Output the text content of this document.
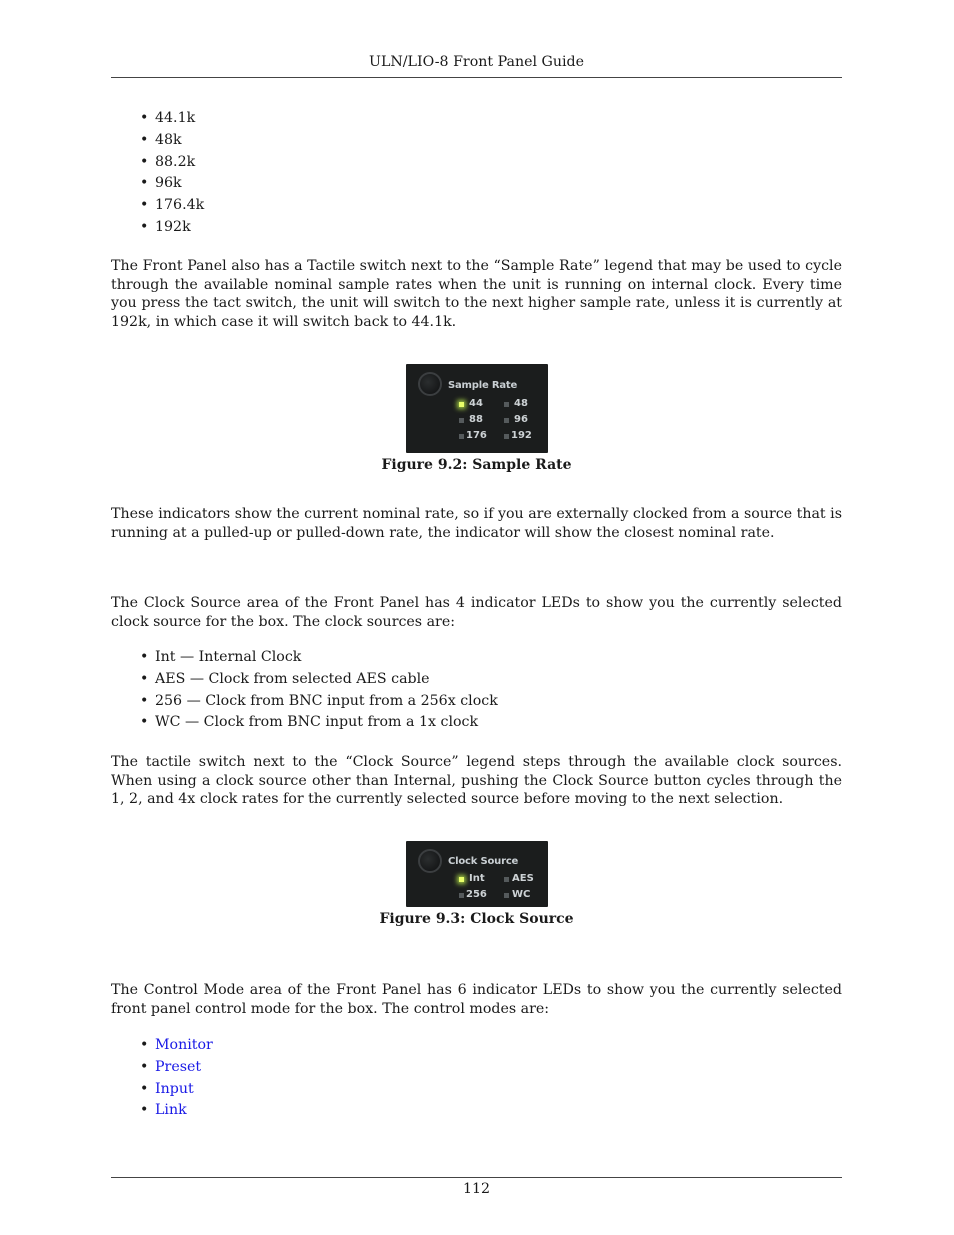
ULN/LIO-8 Front Panel Guide
• 44.1k
• 48k
• 88.2k
• 96k
• 176.4k
• 192k

The Front Panel also has a Tactile switch next to the “Sample Rate” legend that may be used to cycle through the available nominal sample rates when the unit is running on internal clock. Every time you press the tact switch, the unit will switch to the next higher sample rate, unless it is currently at 192k, in which case it will switch back to 44.1k.

Sample Rate
44	48
88	96
176 192
Figure 9.2: Sample Rate

These indicators show the current nominal rate, so if you are externally clocked from a source that is running at a pulled-up or pulled-down rate, the indicator will show the closest nominal rate.

The Clock Source area of the Front Panel has 4 indicator LEDs to show you the currently selected clock source for the box. The clock sources are:

• Int — Internal Clock
• AES — Clock from selected AES cable
• 256 — Clock from BNC input from a 256x clock
• WC — Clock from BNC input from a 1x clock

The tactile switch next to the “Clock Source” legend steps through the available clock sources. When using a clock source other than Internal, pushing the Clock Source button cycles through the 1, 2, and 4x clock rates for the currently selected source before moving to the next selection.

Clock Source
Int	AES
256	WC
Figure 9.3: Clock Source

The Control Mode area of the Front Panel has 6 indicator LEDs to show you the currently selected front panel control mode for the box. The control modes are:

• Monitor
• Preset
• Input
• Link
112
